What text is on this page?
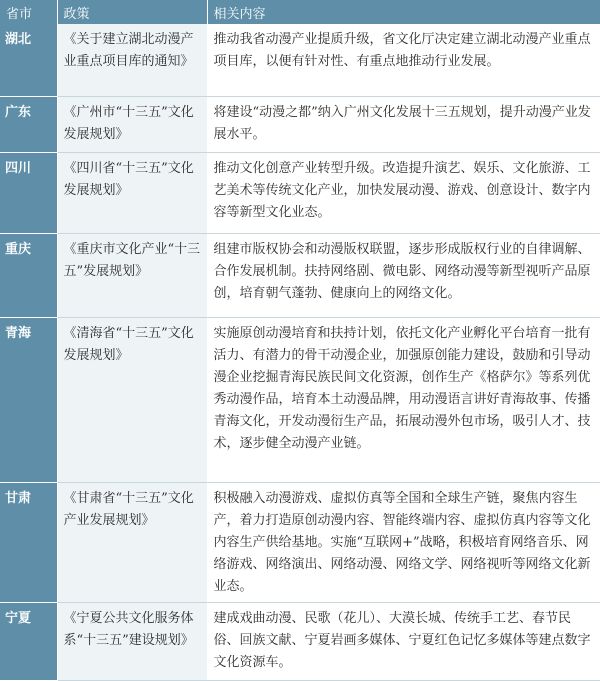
省市	政策	相关内容
湖北	《关于建立湖北动漫产业重点项目库的通知》	推动我省动漫产业提质升级，省文化厅决定建立湖北动漫产业重点项目库，以便有针对性、有重点地推动行业发展。
广东	《广州市“十三五”文化发展规划》	将建设“动漫之都”纳入广州文化发展十三五规划，提升动漫产业发展水平。
四川	《四川省“十三五”文化发展规划》	推动文化创意产业转型升级。改造提升演艺、娱乐、文化旅游、工艺美术等传统文化产业，加快发展动漫、游戏、创意设计、数字内容等新型文化业态。
重庆	《重庆市文化产业“十三五”发展规划》	组建市版权协会和动漫版权联盟，逐步形成版权行业的自律调解、合作发展机制。扶持网络剧、微电影、网络动漫等新型视听产品原创，培育朝气蓬勃、健康向上的网络文化。
青海	《清海省“十三五”文化发展规划》	实施原创动漫培育和扶持计划，依托文化产业孵化平台培育一批有活力、有潜力的骨干动漫企业，加强原创能力建设，鼓励和引导动漫企业挖掘青海民族民间文化资源，创作生产《格萨尔》等系列优秀动漫作品，培育本土动漫品牌，用动漫语言讲好青海故事、传播青海文化，开发动漫衍生产品，拓展动漫外包市场，吸引人才、技术，逐步健全动漫产业链。
甘肃	《甘肃省“十三五”文化产业发展规划》	积极融入动漫游戏、虚拟仿真等全国和全球生产链，聚焦内容生产，着力打造原创动漫内容、智能终端内容、虚拟仿真内容等文化内容生产供给基地。实施“互联网+”战略，积极培育网络音乐、网络游戏、网络演出、网络动漫、网络文学、网络视听等网络文化新业态。
宁夏	《宁夏公共文化服务体系“十三五”建设规划》	建成戏曲动漫、民歌（花儿）、大漠长城、传统手工艺、春节民俗、回族文献、宁夏岩画多媒体、宁夏红色记忆多媒体等建点数字文化资源车。
